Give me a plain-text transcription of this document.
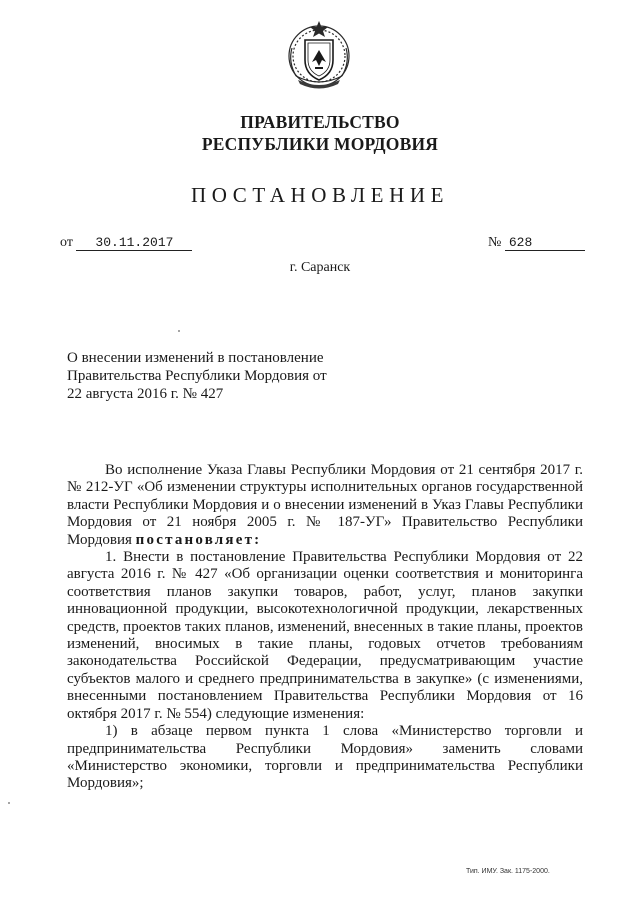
ПРАВИТЕЛЬСТВО
РЕСПУБЛИКИ МОРДОВИЯ
ПОСТАНОВЛЕНИЕ
от 30.11.2017	№ 628
г. Саранск
О внесении изменений в постановление
Правительства Республики Мордовия от
22 августа 2016 г. № 427

Во исполнение Указа Главы Республики Мордовия от 21 сентября 2017 г. № 212-УГ «Об изменении структуры исполнительных органов государственной власти Республики Мордовия и о внесении изменений в Указ Главы Республики Мордовия от 21 ноября 2005 г. № 187-УГ» Правительство Республики Мордовия постановляет:

1. Внести в постановление Правительства Республики Мордовия от 22 августа 2016 г. № 427 «Об организации оценки соответствия и мониторинга соответствия планов закупки товаров, работ, услуг, планов закупки инновационной продукции, высокотехнологичной продукции, лекарственных средств, проектов таких планов, изменений, внесенных в такие планы, проектов изменений, вносимых в такие планы, годовых отчетов требованиям законодательства Российской Федерации, предусматривающим участие субъектов малого и среднего предпринимательства в закупке» (с изменениями, внесенными постановлением Правительства Республики Мордовия от 16 октября 2017 г. № 554) следующие изменения:

1) в абзаце первом пункта 1 слова «Министерство торговли и предпринимательства Республики Мордовия» заменить словами «Министерство экономики, торговли и предпринимательства Республики Мордовия»;

Тип. ИМУ. Зак. 1175-2000.
